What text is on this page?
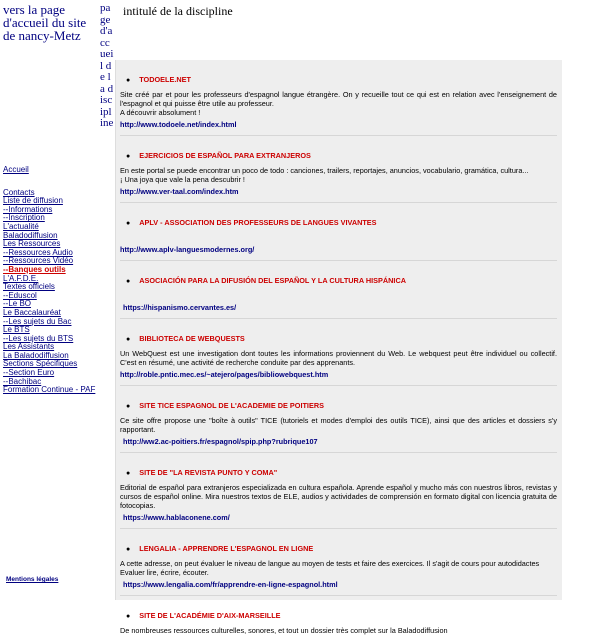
vers la page d'accueil du site de nancy-Metz
page d'accueil de la discipline
intitulé de la discipline
Accueil
Contacts
Liste de diffusion
--Informations
--Inscription
L'actualité
Baladodiffusion
Les Ressources
--Ressources Audio
--Ressources Vidéo
--Banques outils
L'A.F.D.E.
Textes officiels
--Eduscol
--Le BO
Le Baccalauréat
--Les sujets du Bac
Le BTS
--Les sujets du BTS
Les Assistants
La Baladodiffusion
Sections Spécifiques
--Section Euro
--Bachibac
Formation Continue - PAF
Mentions légales
● TODOELE.NET
Site créé par et pour les professeurs d'espagnol langue étrangère. On y recueille tout ce qui est en relation avec l'enseignement de l'espagnol et qui puisse être utile au professeur.
A découvrir absolument !
http://www.todoele.net/index.html
● EJERCICIOS DE ESPAÑOL PARA EXTRANJEROS
En este portal se puede encontrar un poco de todo : canciones, trailers, reportajes, anuncios, vocabulario, gramática, cultura...
¡ Una joya que vale la pena descubrir !
http://www.ver-taal.com/index.htm
● APLV - ASSOCIATION DES PROFESSEURS DE LANGUES VIVANTES
http://www.aplv-languesmodernes.org/
● ASOCIACIÓN PARA LA DIFUSIÓN DEL ESPAÑOL Y LA CULTURA HISPÁNICA
https://hispanismo.cervantes.es/
● BIBLIOTECA DE WEBQUESTS
Un WebQuest est une investigation dont toutes les informations proviennent du Web. Le webquest peut être individuel ou collectif. C'est en résumé, une activité de recherche conduite par des apprenants.
http://roble.pntic.mec.es/~atejero/pages/bibliowebquest.htm
● SITE TICE ESPAGNOL DE L'ACADEMIE DE POITIERS
Ce site offre propose une "boîte à outils" TICE (tutoriels et modes d'emploi des outils TICE), ainsi que des articles et dossiers s'y rapportant.
http://ww2.ac-poitiers.fr/espagnol/spip.php?rubrique107
● SITE DE "LA REVISTA PUNTO Y COMA"
Editorial de español para extranjeros especializada en cultura española. Aprende español y mucho más con nuestros libros, revistas y cursos de español online. Mira nuestros textos de ELE, audios y actividades de comprensión en formato digital con licencia gratuita de fotocopias.
https://www.hablaconene.com/
● LENGALIA - APPRENDRE L'ESPAGNOL EN LIGNE
A cette adresse, on peut évaluer le niveau de langue au moyen de tests et faire des exercices. Il s'agit de cours pour autodidactes
Evaluer lire, écrire, écouter.
https://www.lengalia.com/fr/apprendre-en-ligne-espagnol.html
● SITE DE L'ACADÉMIE D'AIX-MARSEILLE
De nombreuses ressources culturelles, sonores, et tout un dossier très complet sur la Baladodiffusion
